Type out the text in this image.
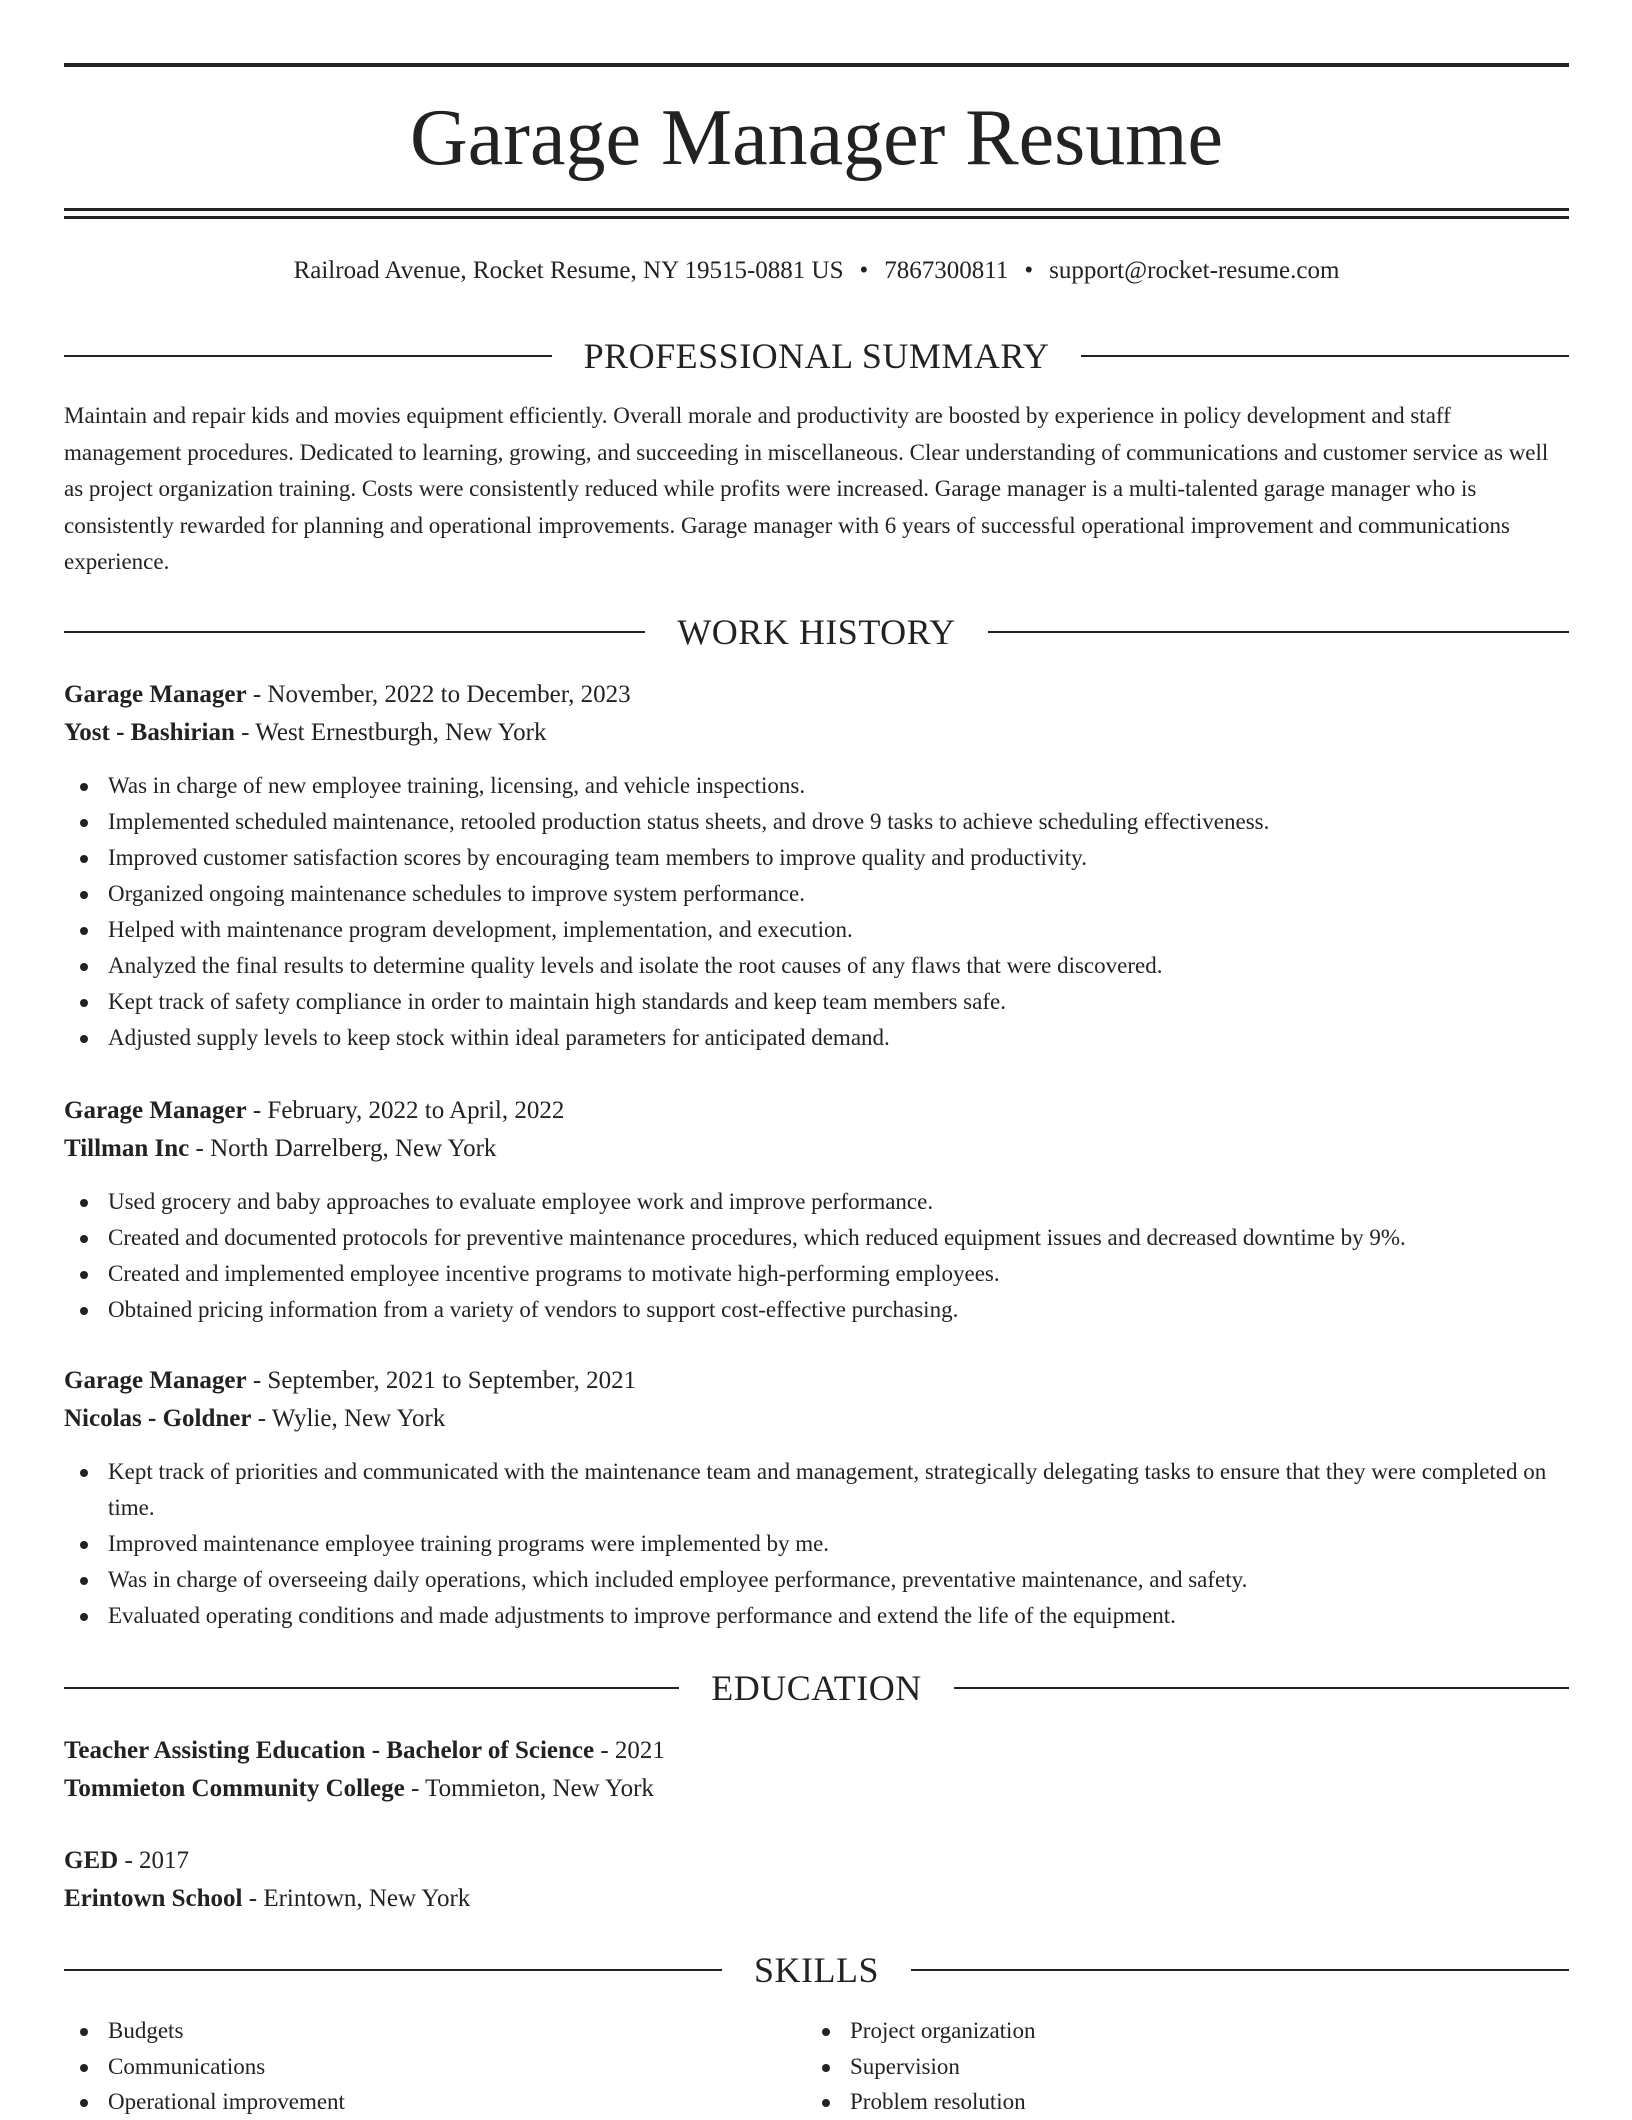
Garage Manager Resume
Railroad Avenue, Rocket Resume, NY 19515-0881 US • 7867300811 • support@rocket-resume.com
PROFESSIONAL SUMMARY

Maintain and repair kids and movies equipment efficiently. Overall morale and productivity are boosted by experience in policy development and staff management procedures. Dedicated to learning, growing, and succeeding in miscellaneous. Clear understanding of communications and customer service as well as project organization training. Costs were consistently reduced while profits were increased. Garage manager is a multi-talented garage manager who is consistently rewarded for planning and operational improvements. Garage manager with 6 years of successful operational improvement and communications experience.

WORK HISTORY
Garage Manager - November, 2022 to December, 2023
Yost - Bashirian - West Ernestburgh, New York
Was in charge of new employee training, licensing, and vehicle inspections.
Implemented scheduled maintenance, retooled production status sheets, and drove 9 tasks to achieve scheduling effectiveness.
Improved customer satisfaction scores by encouraging team members to improve quality and productivity.
Organized ongoing maintenance schedules to improve system performance.
Helped with maintenance program development, implementation, and execution.
Analyzed the final results to determine quality levels and isolate the root causes of any flaws that were discovered.
Kept track of safety compliance in order to maintain high standards and keep team members safe.
Adjusted supply levels to keep stock within ideal parameters for anticipated demand.
Garage Manager - February, 2022 to April, 2022
Tillman Inc - North Darrelberg, New York
Used grocery and baby approaches to evaluate employee work and improve performance.
Created and documented protocols for preventive maintenance procedures, which reduced equipment issues and decreased downtime by 9%.
Created and implemented employee incentive programs to motivate high-performing employees.
Obtained pricing information from a variety of vendors to support cost-effective purchasing.
Garage Manager - September, 2021 to September, 2021
Nicolas - Goldner - Wylie, New York
Kept track of priorities and communicated with the maintenance team and management, strategically delegating tasks to ensure that they were completed on time.
Improved maintenance employee training programs were implemented by me.
Was in charge of overseeing daily operations, which included employee performance, preventative maintenance, and safety.
Evaluated operating conditions and made adjustments to improve performance and extend the life of the equipment.
EDUCATION
Teacher Assisting Education - Bachelor of Science - 2021
Tommieton Community College - Tommieton, New York
GED - 2017
Erintown School - Erintown, New York
SKILLS
Budgets
Communications
Operational improvement
Project organization
Supervision
Problem resolution
